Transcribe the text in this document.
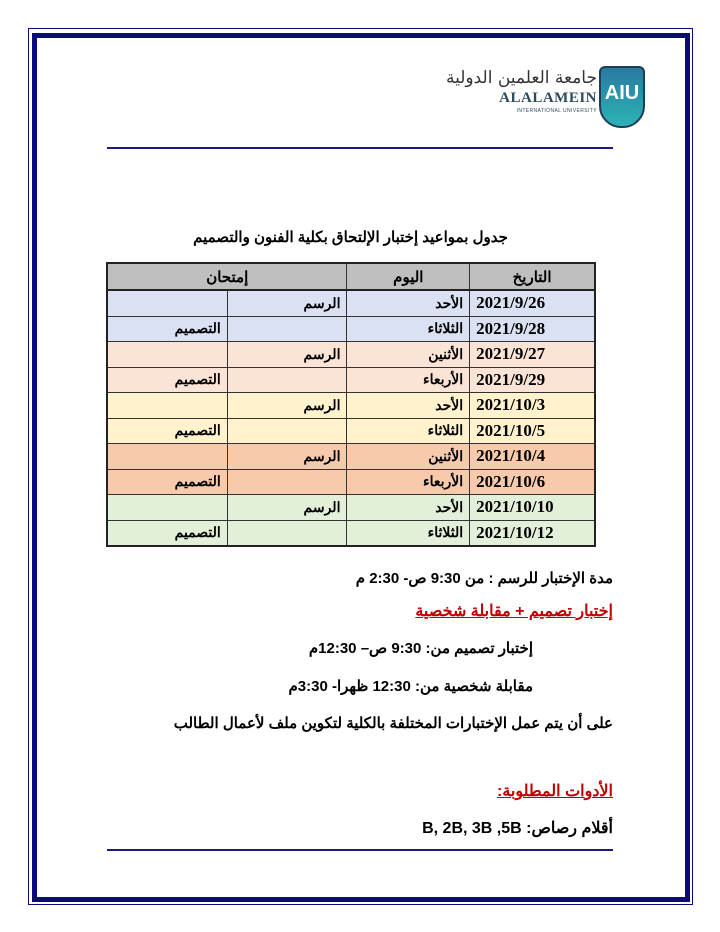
جامعة العلمين الدولية
ALALAMEIN
INTERNATIONAL UNIVERSITY
AIU
جدول بمواعيد إختبار الإلتحاق بكلية الفنون والتصميم
التاريخ	اليوم	إمتحان	
2021/9/26	الأحد	الرسم	
2021/9/28	الثلاثاء		التصميم
2021/9/27	الأثنين	الرسم	
2021/9/29	الأربعاء		التصميم
2021/10/3	الأحد	الرسم	
2021/10/5	الثلاثاء		التصميم
2021/10/4	الأثنين	الرسم	
2021/10/6	الأربعاء		التصميم
2021/10/10	الأحد	الرسم	
2021/10/12	الثلاثاء		التصميم
مدة الإختبار للرسم : من 9:30 ص- 2:30 م
إختبار تصميم + مقابلة شخصية
إختبار تصميم من: 9:30 ص– 12:30م
مقابلة شخصية من: 12:30 ظهرا- 3:30م
على أن يتم عمل الإختبارات المختلفة بالكلية لتكوين ملف لأعمال الطالب
الأدوات المطلوبة:
أقلام رصاص: B, 2B, 3B ,5B
